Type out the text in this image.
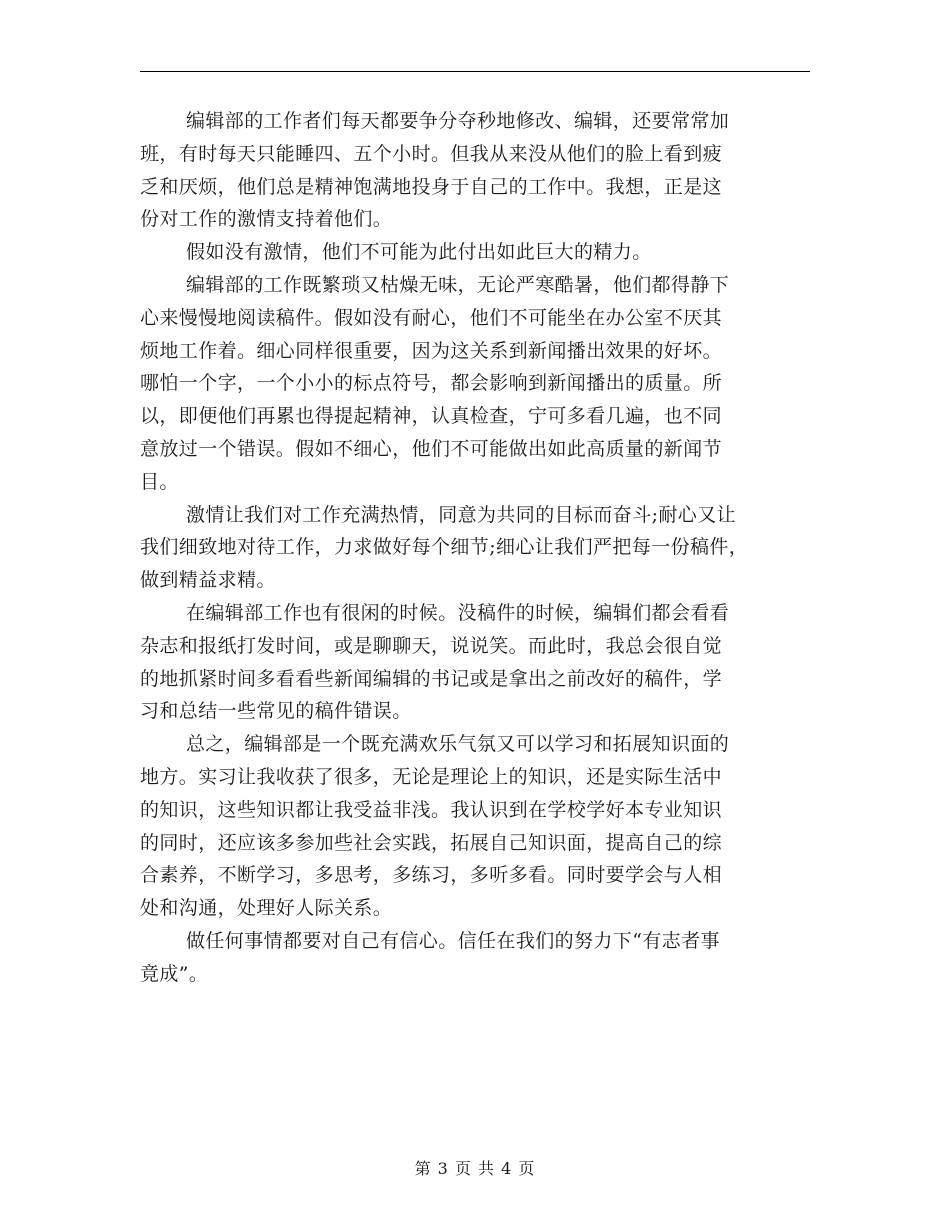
编辑部的工作者们每天都要争分夺秒地修改、编辑，还要常常加
班，有时每天只能睡四、五个小时。但我从来没从他们的脸上看到疲
乏和厌烦，他们总是精神饱满地投身于自己的工作中。我想，正是这
份对工作的激情支持着他们。
假如没有激情，他们不可能为此付出如此巨大的精力。
编辑部的工作既繁琐又枯燥无味，无论严寒酷暑，他们都得静下
心来慢慢地阅读稿件。假如没有耐心，他们不可能坐在办公室不厌其
烦地工作着。细心同样很重要，因为这关系到新闻播出效果的好坏。
哪怕一个字，一个小小的标点符号，都会影响到新闻播出的质量。所
以，即便他们再累也得提起精神，认真检查，宁可多看几遍，也不同
意放过一个错误。假如不细心，他们不可能做出如此高质量的新闻节
目。
激情让我们对工作充满热情，同意为共同的目标而奋斗;耐心又让
我们细致地对待工作，力求做好每个细节;细心让我们严把每一份稿件，
做到精益求精。
在编辑部工作也有很闲的时候。没稿件的时候，编辑们都会看看
杂志和报纸打发时间，或是聊聊天，说说笑。而此时，我总会很自觉
的地抓紧时间多看看些新闻编辑的书记或是拿出之前改好的稿件，学
习和总结一些常见的稿件错误。
总之，编辑部是一个既充满欢乐气氛又可以学习和拓展知识面的
地方。实习让我收获了很多，无论是理论上的知识，还是实际生活中
的知识，这些知识都让我受益非浅。我认识到在学校学好本专业知识
的同时，还应该多参加些社会实践，拓展自己知识面，提高自己的综
合素养，不断学习，多思考，多练习，多听多看。同时要学会与人相
处和沟通，处理好人际关系。
做任何事情都要对自己有信心。信任在我们的努力下“有志者事
竟成”。
第 3 页 共 4 页
